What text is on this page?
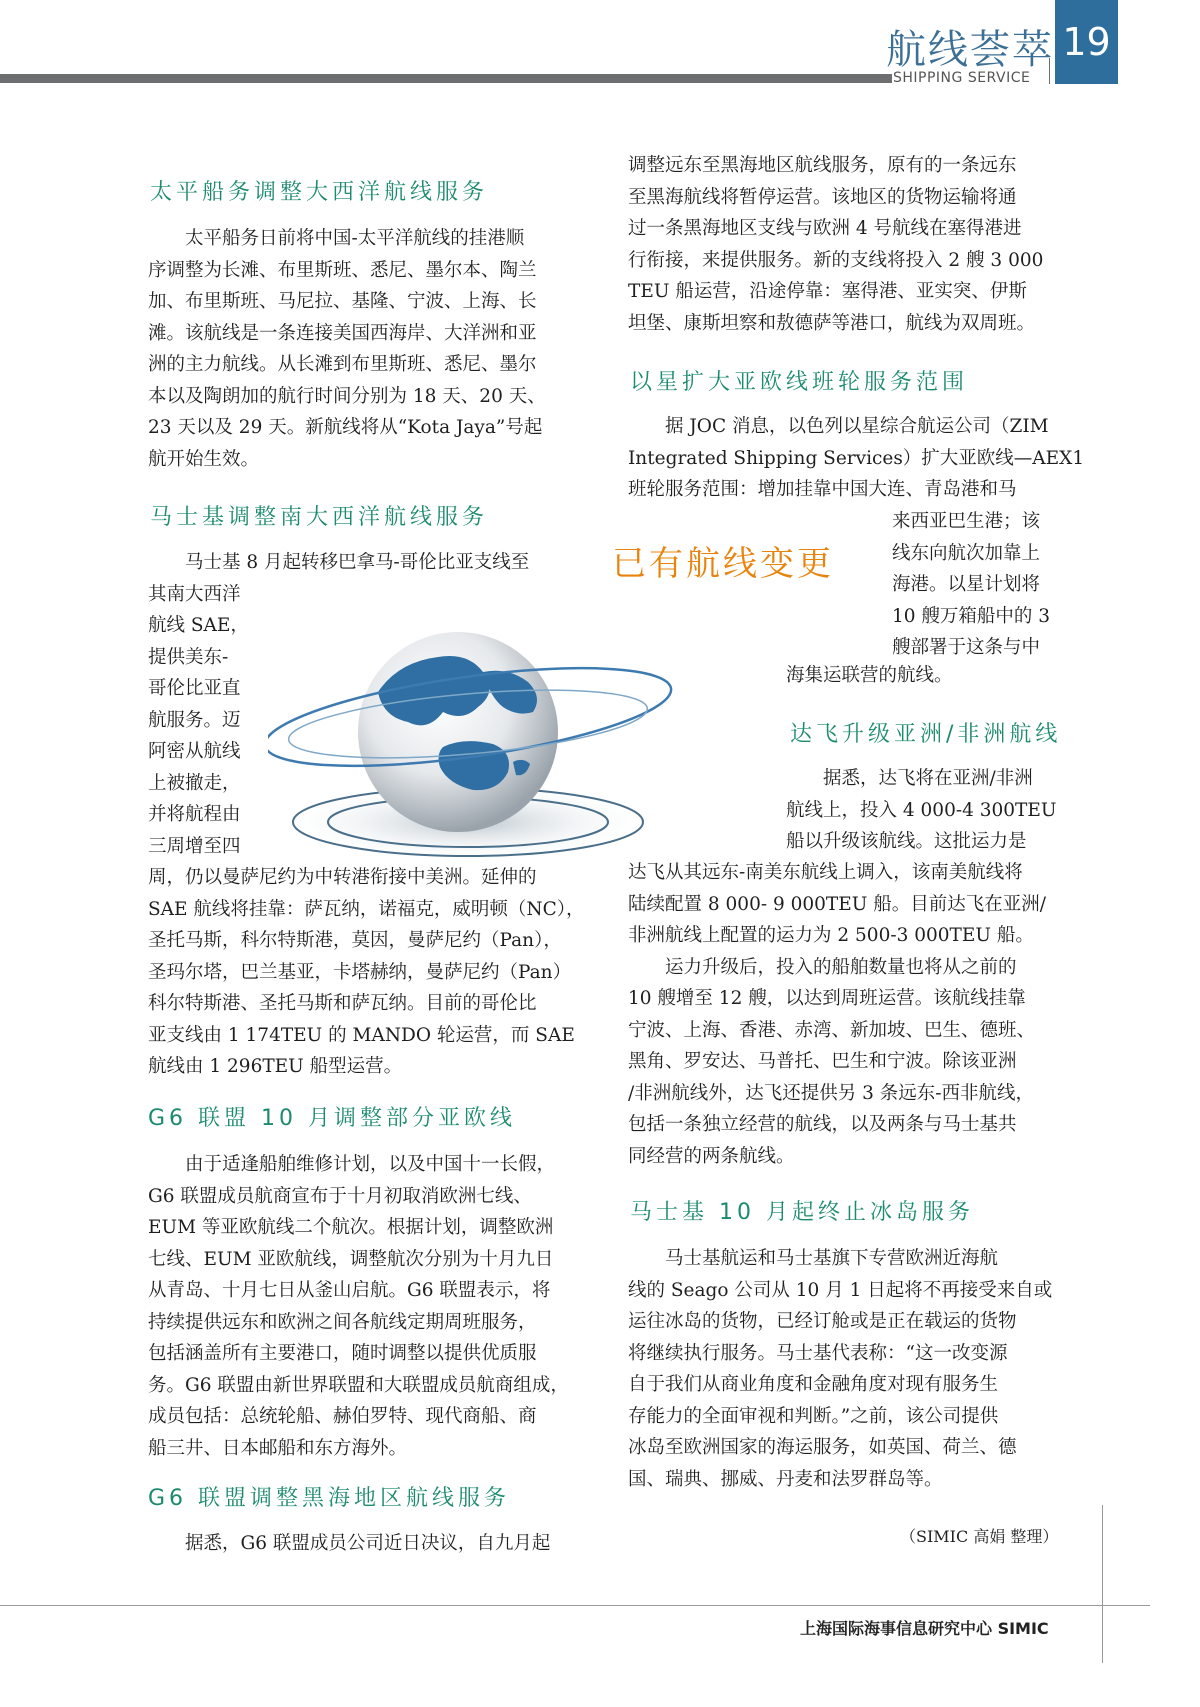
航线荟萃
SHIPPING SERVICE
19
太平船务调整大西洋航线服务
太平船务日前将中国-太平洋航线的挂港顺
序调整为长滩、布里斯班、悉尼、墨尔本、陶兰
加、布里斯班、马尼拉、基隆、宁波、上海、长
滩。该航线是一条连接美国西海岸、大洋洲和亚
洲的主力航线。从长滩到布里斯班、悉尼、墨尔
本以及陶朗加的航行时间分别为 18 天、20 天、
23 天以及 29 天。新航线将从“Kota Jaya”号起
航开始生效。
马士基调整南大西洋航线服务
马士基 8 月起转移巴拿马-哥伦比亚支线至
其南大西洋
航线 SAE，
提供美东-
哥伦比亚直
航服务。迈
阿密从航线
上被撤走，
并将航程由
三周增至四
周，仍以曼萨尼约为中转港衔接中美洲。延伸的
SAE 航线将挂靠：萨瓦纳，诺福克，威明顿（NC），
圣托马斯，科尔特斯港，莫因，曼萨尼约（Pan），
圣玛尔塔，巴兰基亚，卡塔赫纳，曼萨尼约（Pan）
科尔特斯港、圣托马斯和萨瓦纳。目前的哥伦比
亚支线由 1 174TEU 的 MANDO 轮运营，而 SAE
航线由 1 296TEU 船型运营。
G6 联盟 10 月调整部分亚欧线
由于适逢船舶维修计划，以及中国十一长假，
G6 联盟成员航商宣布于十月初取消欧洲七线、
EUM 等亚欧航线二个航次。根据计划，调整欧洲
七线、EUM 亚欧航线，调整航次分别为十月九日
从青岛、十月七日从釜山启航。G6 联盟表示，将
持续提供远东和欧洲之间各航线定期周班服务，
包括涵盖所有主要港口，随时调整以提供优质服
务。G6 联盟由新世界联盟和大联盟成员航商组成，
成员包括：总统轮船、赫伯罗特、现代商船、商
船三井、日本邮船和东方海外。
G6 联盟调整黑海地区航线服务
据悉，G6 联盟成员公司近日决议，自九月起
调整远东至黑海地区航线服务，原有的一条远东
至黑海航线将暂停运营。该地区的货物运输将通
过一条黑海地区支线与欧洲 4 号航线在塞得港进
行衔接，来提供服务。新的支线将投入 2 艘 3 000
TEU 船运营，沿途停靠：塞得港、亚实突、伊斯
坦堡、康斯坦察和敖德萨等港口，航线为双周班。
以星扩大亚欧线班轮服务范围
据 JOC 消息，以色列以星综合航运公司（ZIM
Integrated Shipping Services）扩大亚欧线—AEX1
班轮服务范围：增加挂靠中国大连、青岛港和马
来西亚巴生港；该
线东向航次加靠上
海港。以星计划将
10 艘万箱船中的 3
艘部署于这条与中
海集运联营的航线。
已有航线变更
达飞升级亚洲/非洲航线
据悉，达飞将在亚洲/非洲
航线上，投入 4 000-4 300TEU
船以升级该航线。这批运力是
达飞从其远东-南美东航线上调入，该南美航线将
陆续配置 8 000- 9 000TEU 船。目前达飞在亚洲/
非洲航线上配置的运力为 2 500-3 000TEU 船。
运力升级后，投入的船舶数量也将从之前的
10 艘增至 12 艘，以达到周班运营。该航线挂靠
宁波、上海、香港、赤湾、新加坡、巴生、德班、
黑角、罗安达、马普托、巴生和宁波。除该亚洲
/非洲航线外，达飞还提供另 3 条远东-西非航线，
包括一条独立经营的航线，以及两条与马士基共
同经营的两条航线。
马士基 10 月起终止冰岛服务
马士基航运和马士基旗下专营欧洲近海航
线的 Seago 公司从 10 月 1 日起将不再接受来自或
运往冰岛的货物，已经订舱或是正在载运的货物
将继续执行服务。马士基代表称：“这一改变源
自于我们从商业角度和金融角度对现有服务生
存能力的全面审视和判断。”之前，该公司提供
冰岛至欧洲国家的海运服务，如英国、荷兰、德
国、瑞典、挪威、丹麦和法罗群岛等。
（SIMIC 高娟 整理）
上海国际海事信息研究中心 SIMIC
